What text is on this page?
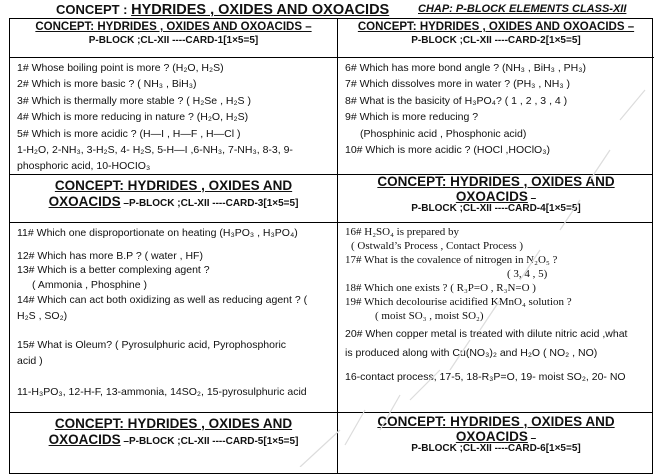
CONCEPT : HYDRIDES , OXIDES AND OXOACIDS	CHAP: P-BLOCK ELEMENTS CLASS-XII
CONCEPT: HYDRIDES , OXIDES AND OXOACIDS –
P-BLOCK ;CL-XII ----CARD-1[1×5=5]
1# Whose boiling point is more ? (H₂O, H₂S)
2# Which is more basic ? ( NH₃ , BiH₃)
3# Which is thermally more stable ? ( H₂Se , H₂S )
4# Which is more reducing in nature ? (H₂O, H₂S)
5# Which is more acidic ? (H—I , H—F , H—Cl )
1-H₂O, 2-NH₃, 3-H₂S, 4- H₂S, 5-H—I ,6-NH₃, 7-NH₃, 8-3, 9-
phosphoric acid, 10-HOCIO₃
CONCEPT: HYDRIDES , OXIDES AND OXOACIDS –
P-BLOCK ;CL-XII ----CARD-2[1×5=5]
6# Which has more bond angle ? (NH₃ , BiH₃ , PH₃)
7# Which dissolves more in water ? (PH₃ , NH₃ )
8# What is the basicity of H₃PO₄? ( 1 , 2 , 3 , 4 )
9# Which is more reducing ?
(Phosphinic acid , Phosphonic acid)
10# Which is more acidic ? (HOCl ,HOClO₃)
CONCEPT: HYDRIDES , OXIDES AND
OXOACIDS –P-BLOCK ;CL-XII ----CARD-3[1×5=5]
CONCEPT: HYDRIDES , OXIDES AND
OXOACIDS –
P-BLOCK ;CL-XII ----CARD-4[1×5=5]
11# Which one disproportionate on heating (H₃PO₃ , H₃PO₄)
12# Which has more B.P ? ( water , HF)
13# Which is a better complexing agent ?
( Ammonia , Phosphine )
14# Which can act both oxidizing as well as reducing agent ? (
H₂S , SO₂)
15# What is Oleum? ( Pyrosulphuric acid, Pyrophosphoric
acid )
11-H₃PO₃, 12-H-F, 13-ammonia, 14SO₂, 15-pyrosulphuric acid
16# H₂SO₄ is prepared by
( Ostwald’s Process , Contact Process )
17# What is the covalence of nitrogen in N₂O₅ ?
( 3, 4 , 5)
18# Which one exists ? ( R₃P=O , R₃N=O )
19# Which decolourise acidified KMnO₄ solution ?
( moist SO₃ , moist SO₂)
20# When copper metal is treated with dilute nitric acid ,what
is produced along with Cu(NO₃)₂ and H₂O ( NO₂ , NO)
16-contact process, 17-5, 18-R₃P=O, 19- moist SO₂, 20- NO
CONCEPT: HYDRIDES , OXIDES AND
OXOACIDS –P-BLOCK ;CL-XII ----CARD-5[1×5=5]
CONCEPT: HYDRIDES , OXIDES AND
OXOACIDS –
P-BLOCK ;CL-XII ----CARD-6[1×5=5]
